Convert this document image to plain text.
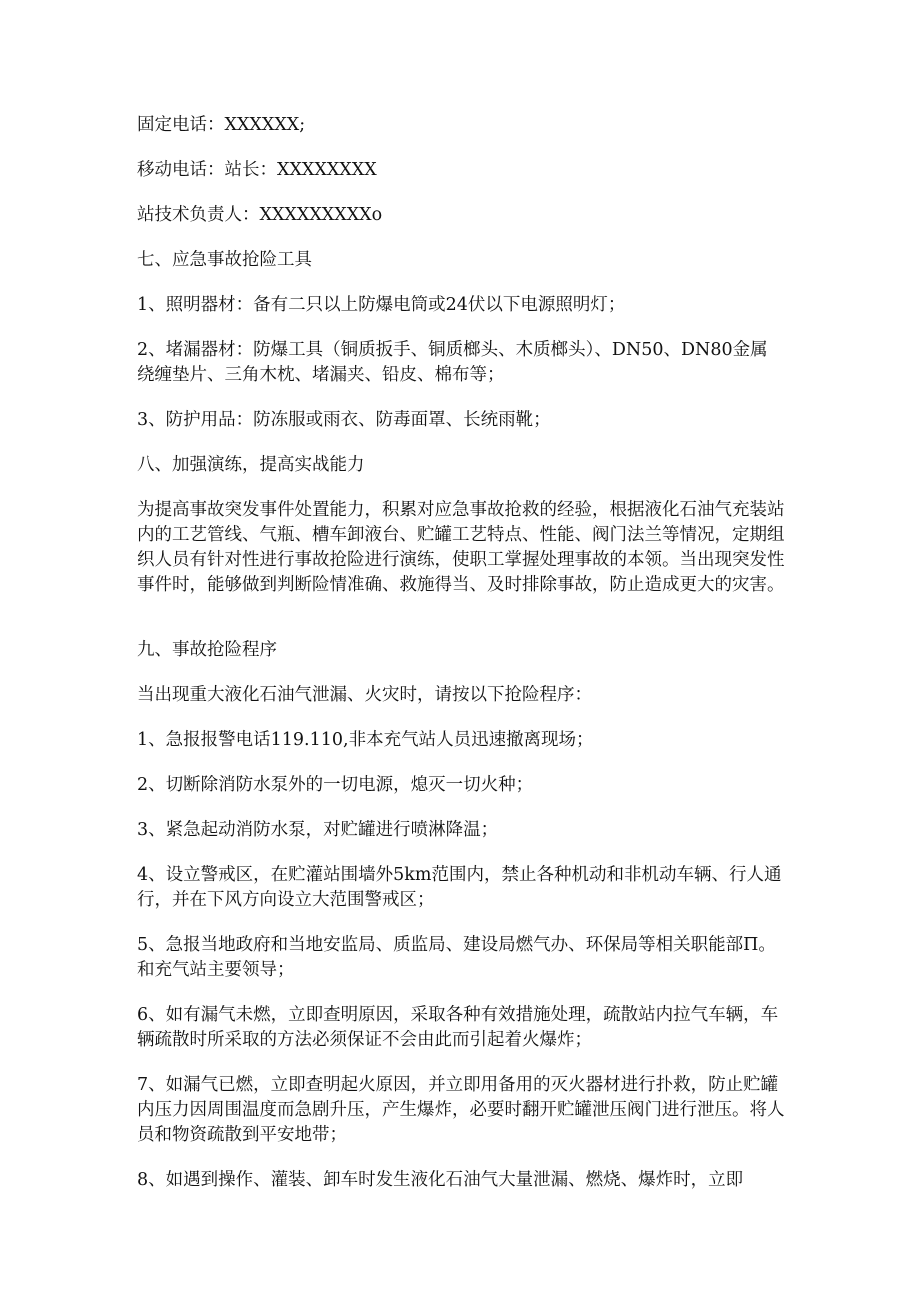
固定电话：XXXXXX;

移动电话：站长：XXXXXXXX

站技术负责人：XXXXXXXXXo

七、应急事故抢险工具

1、照明器材：备有二只以上防爆电筒或24伏以下电源照明灯；

2、堵漏器材：防爆工具（铜质扳手、铜质榔头、木质榔头）、DN50、DN80金属绕缠垫片、三角木枕、堵漏夹、铅皮、棉布等；

3、防护用品：防冻服或雨衣、防毒面罩、长统雨靴；

八、加强演练，提高实战能力

为提高事故突发事件处置能力，积累对应急事故抢救的经验，根据液化石油气充装站内的工艺管线、气瓶、槽车卸液台、贮罐工艺特点、性能、阀门法兰等情况，定期组织人员有针对性进行事故抢险进行演练，使职工掌握处理事故的本领。当出现突发性事件时，能够做到判断险情准确、救施得当、及时排除事故，防止造成更大的灾害。

九、事故抢险程序

当出现重大液化石油气泄漏、火灾时，请按以下抢险程序：

1、急报报警电话119.110,非本充气站人员迅速撤离现场；

2、切断除消防水泵外的一切电源，熄灭一切火种；

3、紧急起动消防水泵，对贮罐进行喷淋降温；

4、设立警戒区，在贮灌站围墙外5km范围内，禁止各种机动和非机动车辆、行人通行，并在下风方向设立大范围警戒区；

5、急报当地政府和当地安监局、质监局、建设局燃气办、环保局等相关职能部Π。和充气站主要领导；

6、如有漏气未燃，立即查明原因，采取各种有效措施处理，疏散站内拉气车辆，车辆疏散时所采取的方法必须保证不会由此而引起着火爆炸；

7、如漏气已燃，立即查明起火原因，并立即用备用的灭火器材进行扑救，防止贮罐内压力因周围温度而急剧升压，产生爆炸，必要时翻开贮罐泄压阀门进行泄压。将人员和物资疏散到平安地带；

8、如遇到操作、灌装、卸车时发生液化石油气大量泄漏、燃烧、爆炸时，立即
